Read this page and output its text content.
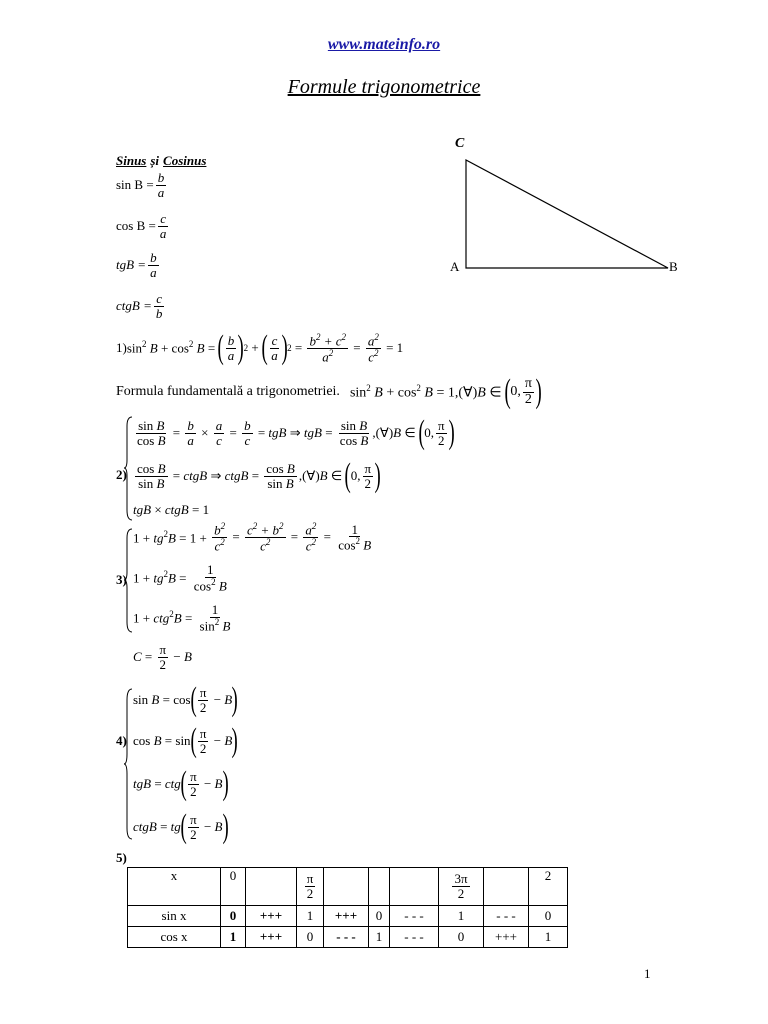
www.mateinfo.ro
Formule trigonometrice
C
A	B
Sinus și Cosinus
$\sin B = \frac{b}{a}$
$\cos B = \frac{c}{a}$
tgB = $\frac{b}{a}$
ctgB = $\frac{c}{b}$
1) $\sin^2 B + \cos^2 B$ = ( $\frac{b}{a}$ ) 2 + ( $\frac{c}{a}$ ) $2 = \frac{b^2 + c^2}{a^2} = \frac{a^2}{c^2} = 1$
Formula fundamentală a trigonometriei. $\sin^2 B + \cos^2 B$ = 1,(∀)B ∈ ( 0, $\frac{\pi}{2}$ )
2)
$\frac{\text{sin B}}{\text{cos B}} = \frac{b}{a} \times \frac{a}{c} = \frac{b}{c}$ = tgB ⇒ tgB = $\frac{\text{sin B}}{\text{cos B}}$ ,(∀)B ∈ ( 0, $\frac{\pi}{2}$ )
$\frac{\text{cos B}}{\text{sin B}}$ = ctgB ⇒ ctgB = $\frac{\text{cos B}}{\text{sin B}}$ ,(∀)B ∈ ( 0, $\frac{\pi}{2}$ )
tgB × ctgB = 1
3)
$1 + tg^2B = 1 + \frac{b^2}{c^2} = \frac{c^2 + b^2}{c^2} = \frac{a^2}{c^2} = \frac{1}{\cos^2 B}$
$1 + tg^2B = \frac{1}{\cos^2 B}$
$1 + ctg^2B = \frac{1}{\sin^2 B}$
$C = \frac{\pi}{2} - B$
4)
sin B = cos ( $\frac{\pi}{2} - B$ )
cos B = sin ( $\frac{\pi}{2} - B$ )
tgB = ctg ( $\frac{\pi}{2} - B$ )
ctgB = tg ( $\frac{\pi}{2} - B$ )
5)
x	0		$\frac{\pi}{2}$				$\frac{3\pi}{2}$		2
sin x	0	+++	1	+++	0	- - -	1	- - -	0
cos x	1	+++	0	- - -	1	- - -	0	+++	1
1
